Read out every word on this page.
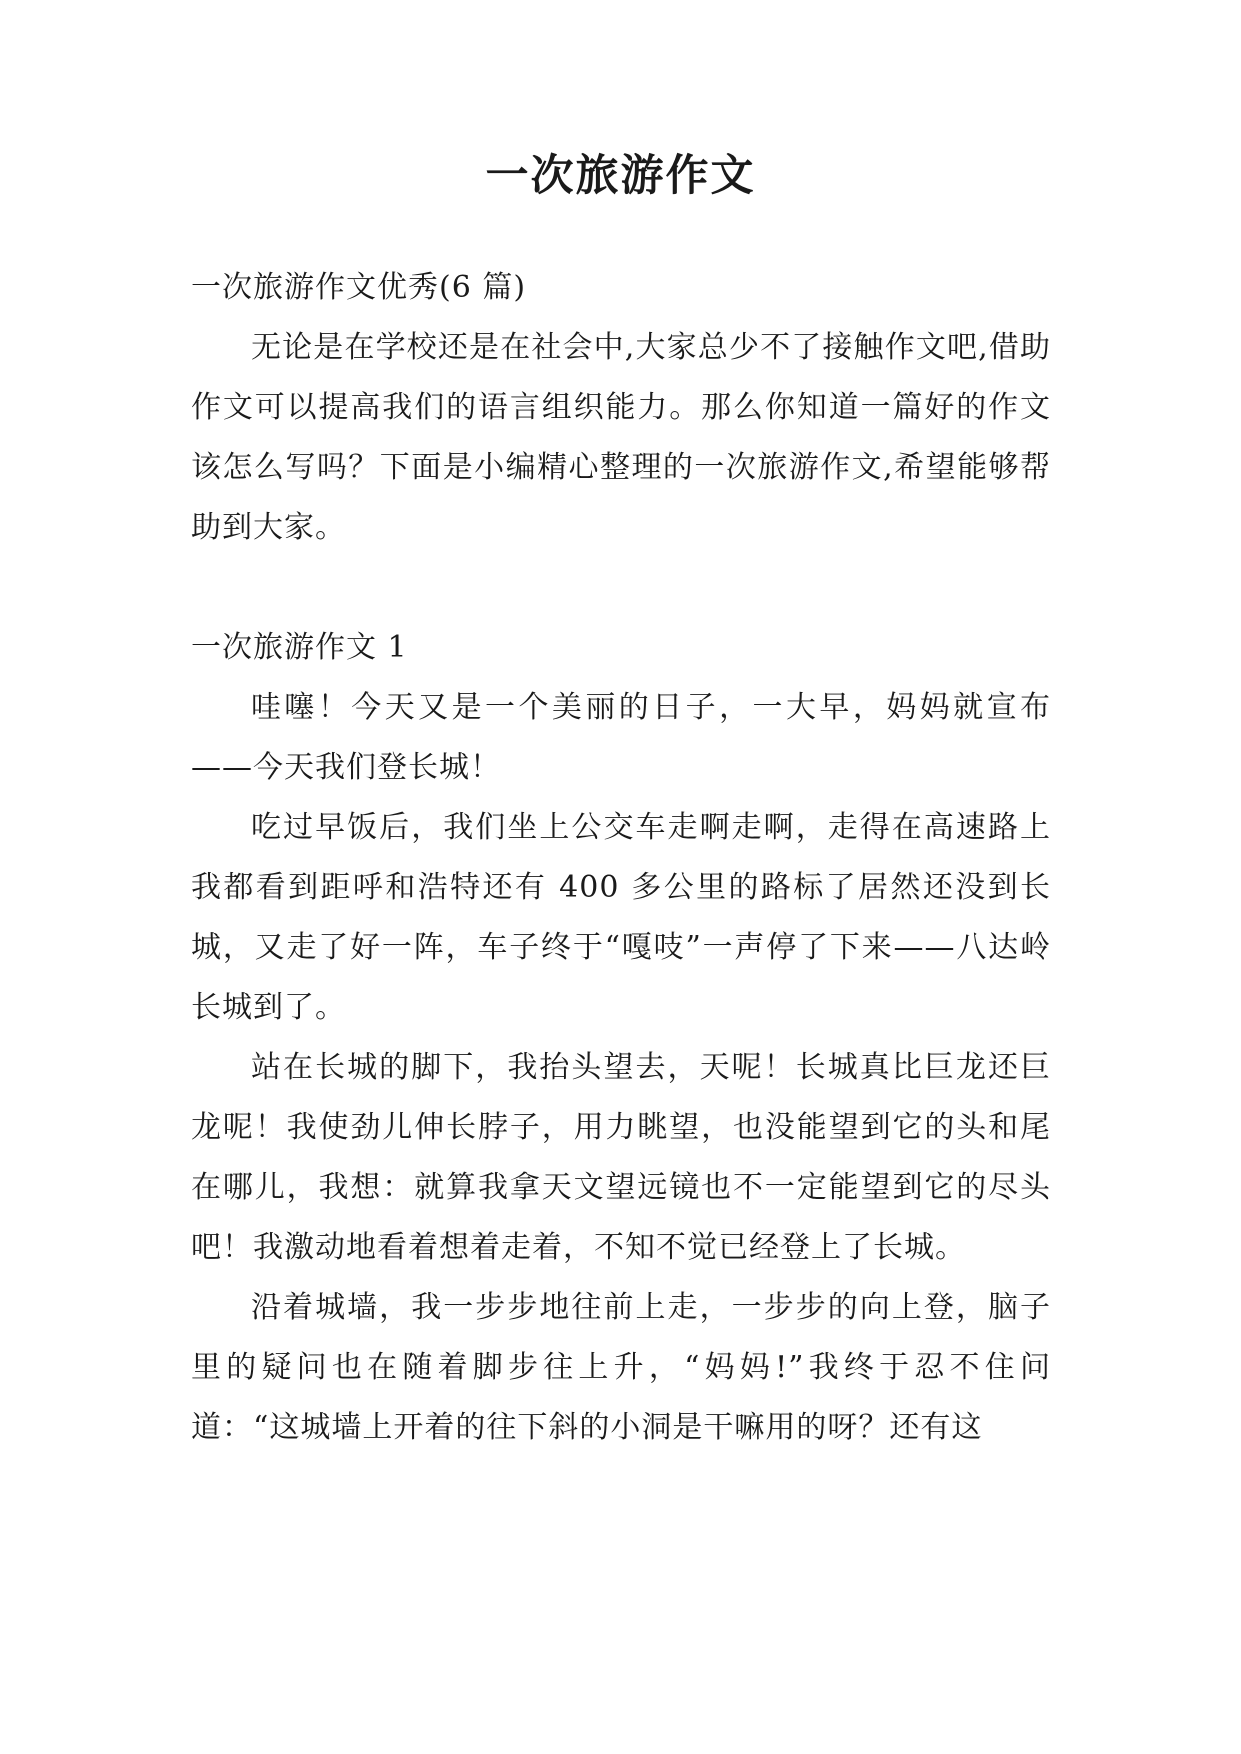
一次旅游作文

一次旅游作文优秀(6 篇)

无论是在学校还是在社会中,大家总少不了接触作文吧,借助作文可以提高我们的语言组织能力。那么你知道一篇好的作文该怎么写吗？下面是小编精心整理的一次旅游作文,希望能够帮助到大家。

一次旅游作文 1

哇噻！今天又是一个美丽的日子，一大早，妈妈就宣布——今天我们登长城！

吃过早饭后，我们坐上公交车走啊走啊，走得在高速路上我都看到距呼和浩特还有 400 多公里的路标了居然还没到长城，又走了好一阵，车子终于“嘎吱”一声停了下来——八达岭长城到了。

站在长城的脚下，我抬头望去，天呢！长城真比巨龙还巨龙呢！我使劲儿伸长脖子，用力眺望，也没能望到它的头和尾在哪儿，我想：就算我拿天文望远镜也不一定能望到它的尽头吧！我激动地看着想着走着，不知不觉已经登上了长城。

沿着城墙，我一步步地往前上走，一步步的向上登，脑子里的疑问也在随着脚步往上升，“妈妈!”我终于忍不住问道：“这城墙上开着的往下斜的小洞是干嘛用的呀？还有这
